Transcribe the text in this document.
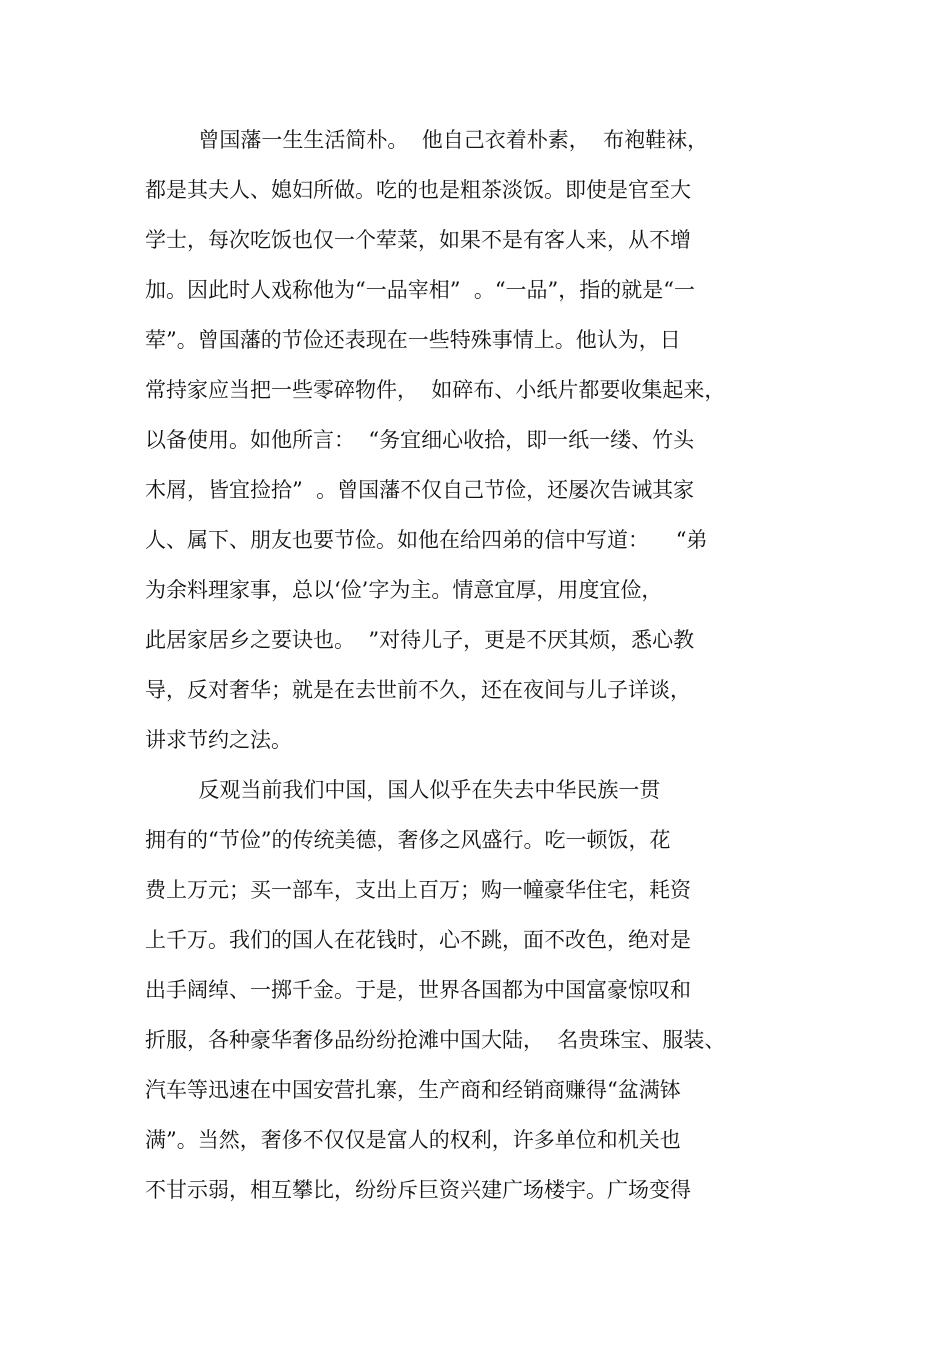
曾国藩一生生活简朴。  他自己衣着朴素，  布袍鞋袜，
都是其夫人、媳妇所做。吃的也是粗茶淡饭。即使是官至大
学士，每次吃饭也仅一个荤菜，如果不是有客人来，从不增
加。因此时人戏称他为“一品宰相”  。“一品”，指的就是“一
荤”。曾国藩的节俭还表现在一些特殊事情上。他认为，日
常持家应当把一些零碎物件，  如碎布、小纸片都要收集起来，
以备使用。如他所言：  “务宜细心收拾，即一纸一缕、竹头
木屑，皆宜捡拾”  。曾国藩不仅自己节俭，还屡次告诫其家
人、属下、朋友也要节俭。如他在给四弟的信中写道：    “弟
为余料理家事，总以‘俭’字为主。情意宜厚，用度宜俭，
此居家居乡之要诀也。  ”对待儿子，更是不厌其烦，悉心教
导，反对奢华；就是在去世前不久，还在夜间与儿子详谈，
讲求节约之法。
反观当前我们中国，国人似乎在失去中华民族一贯
拥有的“节俭”的传统美德，奢侈之风盛行。吃一顿饭，花
费上万元；买一部车，支出上百万；购一幢豪华住宅，耗资
上千万。我们的国人在花钱时，心不跳，面不改色，绝对是
出手阔绰、一掷千金。于是，世界各国都为中国富豪惊叹和
折服，各种豪华奢侈品纷纷抢滩中国大陆，  名贵珠宝、服装、
汽车等迅速在中国安营扎寨，生产商和经销商赚得“盆满钵
满”。当然，奢侈不仅仅是富人的权利，许多单位和机关也
不甘示弱，相互攀比，纷纷斥巨资兴建广场楼宇。广场变得
